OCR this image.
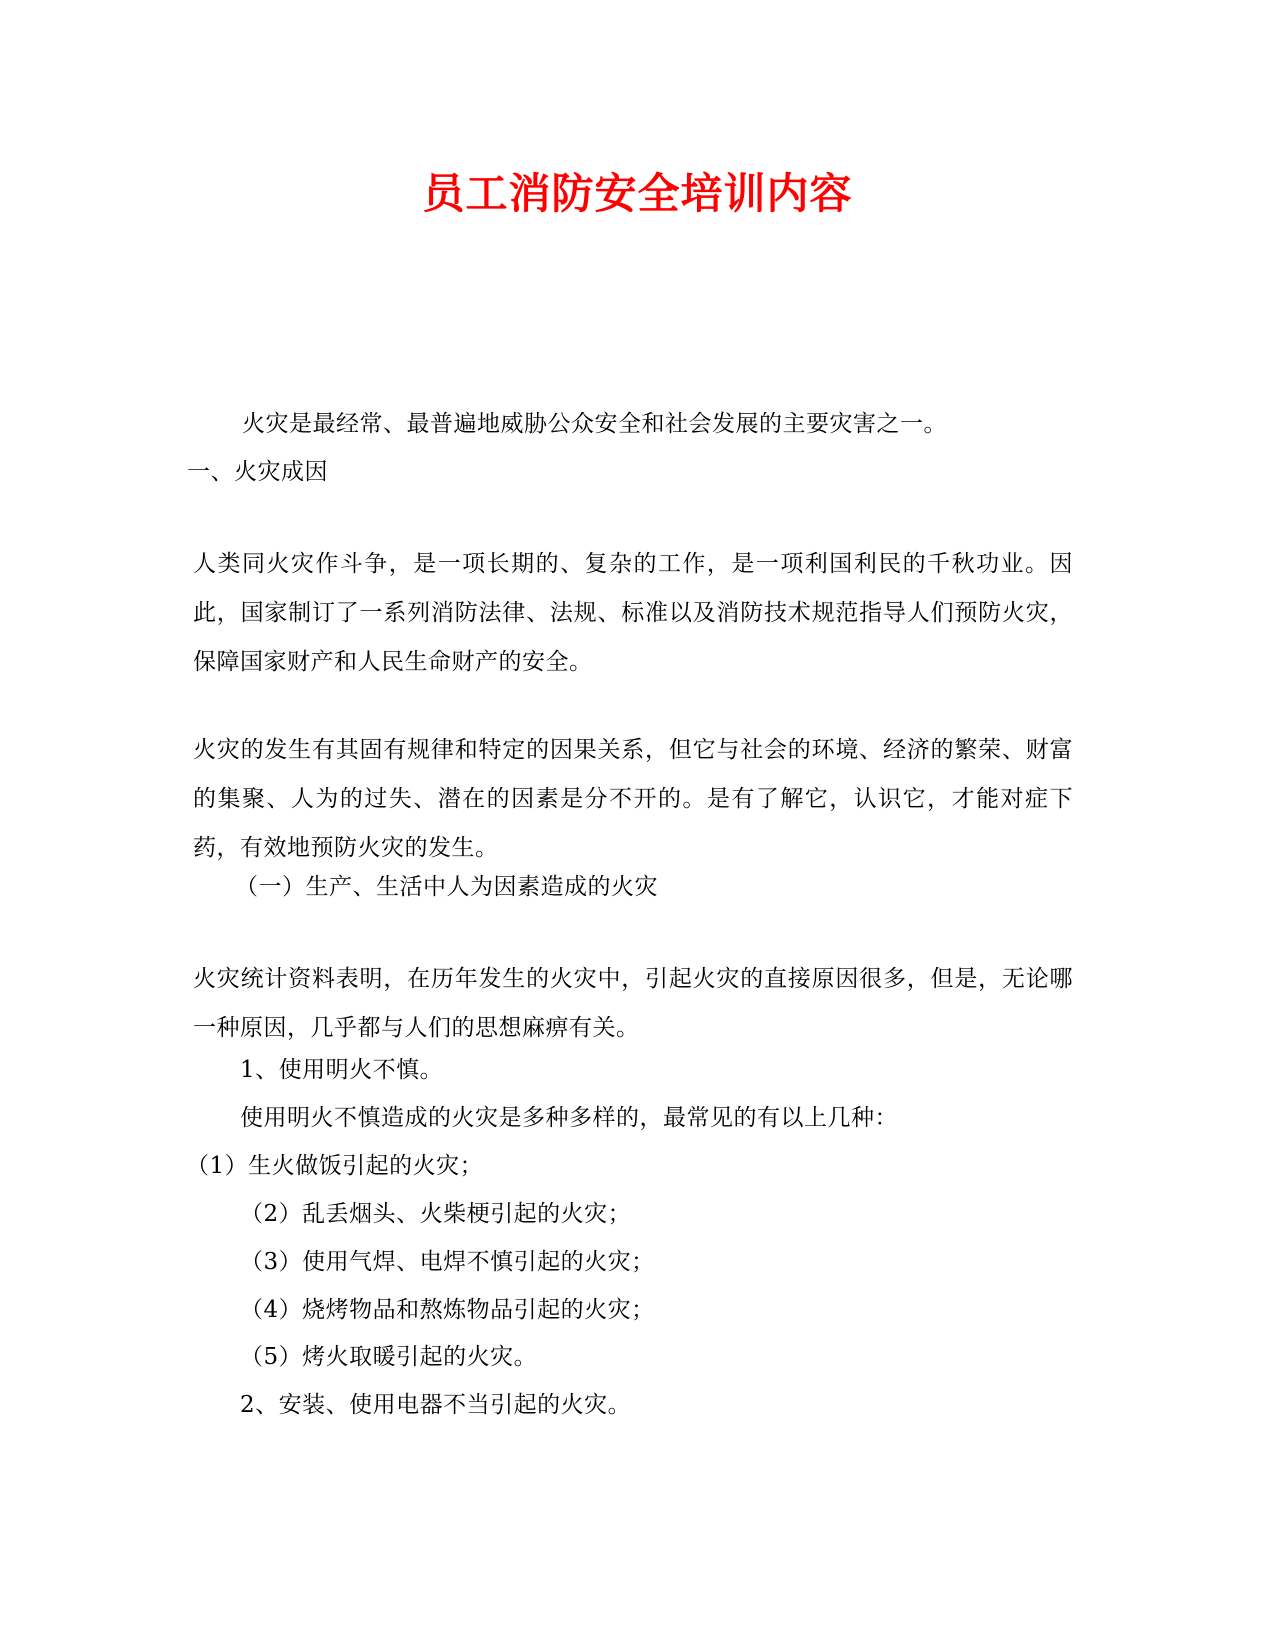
员工消防安全培训内容

火灾是最经常、最普遍地威胁公众安全和社会发展的主要灾害之一。

一、火灾成因

人类同火灾作斗争，是一项长期的、复杂的工作，是一项利国利民的千秋功业。因此，国家制订了一系列消防法律、法规、标准以及消防技术规范指导人们预防火灾，保障国家财产和人民生命财产的安全。

火灾的发生有其固有规律和特定的因果关系，但它与社会的环境、经济的繁荣、财富的集聚、人为的过失、潜在的因素是分不开的。是有了解它，认识它，才能对症下药，有效地预防火灾的发生。

（一）生产、生活中人为因素造成的火灾

火灾统计资料表明，在历年发生的火灾中，引起火灾的直接原因很多，但是，无论哪一种原因，几乎都与人们的思想麻痹有关。

1、使用明火不慎。

使用明火不慎造成的火灾是多种多样的，最常见的有以上几种：

（1）生火做饭引起的火灾；

（2）乱丢烟头、火柴梗引起的火灾；

（3）使用气焊、电焊不慎引起的火灾；

（4）烧烤物品和熬炼物品引起的火灾；

（5）烤火取暖引起的火灾。

2、安装、使用电器不当引起的火灾。
